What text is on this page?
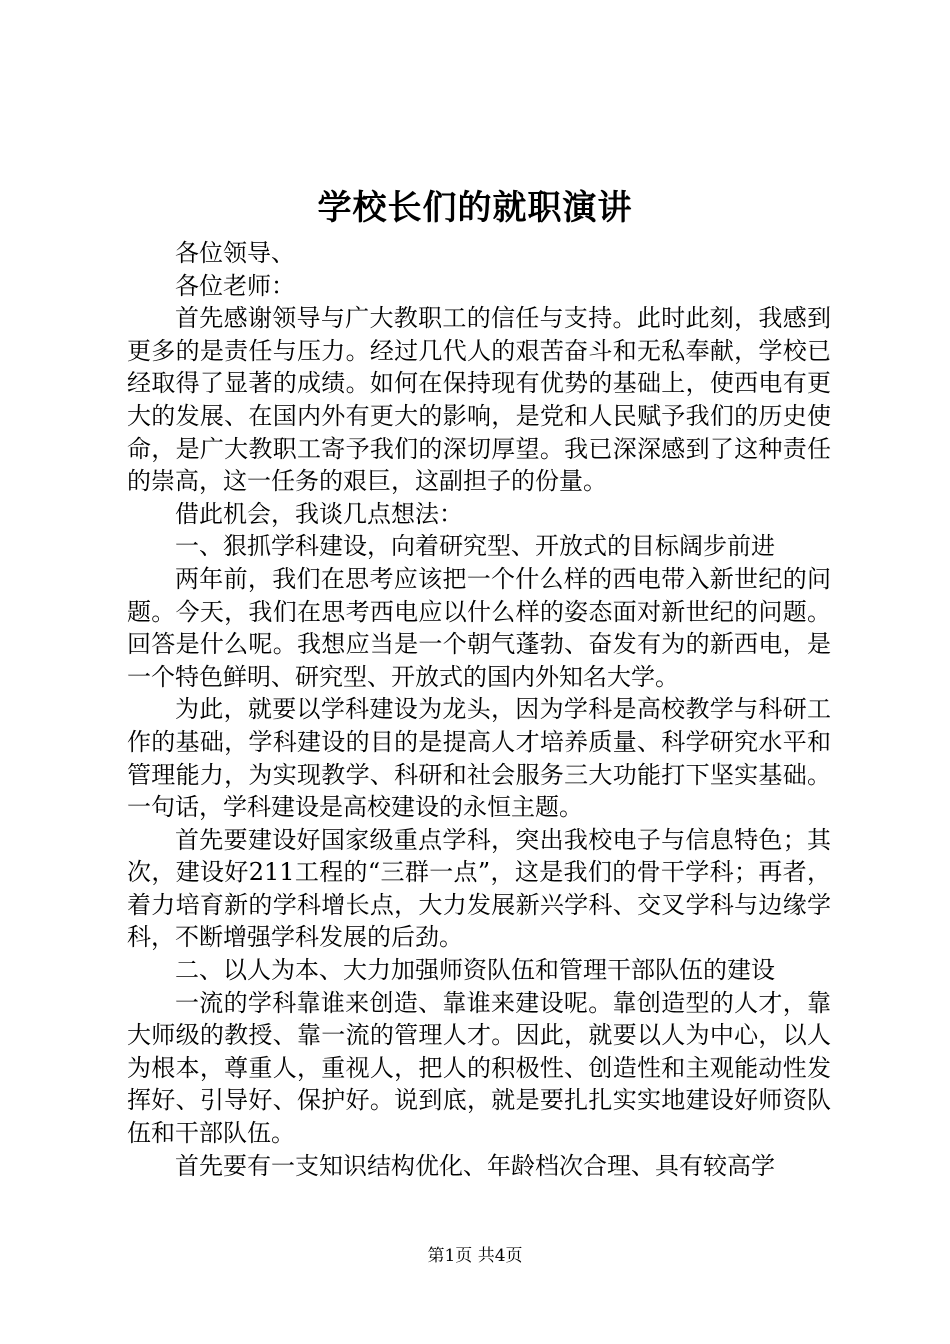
学校长们的就职演讲

各位领导、

各位老师：

首先感谢领导与广大教职工的信任与支持。此时此刻，我感到更多的是责任与压力。经过几代人的艰苦奋斗和无私奉献，学校已经取得了显著的成绩。如何在保持现有优势的基础上，使西电有更大的发展、在国内外有更大的影响，是党和人民赋予我们的历史使命，是广大教职工寄予我们的深切厚望。我已深深感到了这种责任的崇高，这一任务的艰巨，这副担子的份量。

借此机会，我谈几点想法：

一、狠抓学科建设，向着研究型、开放式的目标阔步前进

两年前，我们在思考应该把一个什么样的西电带入新世纪的问题。今天，我们在思考西电应以什么样的姿态面对新世纪的问题。回答是什么呢。我想应当是一个朝气蓬勃、奋发有为的新西电，是一个特色鲜明、研究型、开放式的国内外知名大学。

为此，就要以学科建设为龙头，因为学科是高校教学与科研工作的基础，学科建设的目的是提高人才培养质量、科学研究水平和管理能力，为实现教学、科研和社会服务三大功能打下坚实基础。一句话，学科建设是高校建设的永恒主题。

首先要建设好国家级重点学科，突出我校电子与信息特色；其次，建设好211工程的“三群一点”，这是我们的骨干学科；再者，着力培育新的学科增长点，大力发展新兴学科、交叉学科与边缘学科，不断增强学科发展的后劲。

二、以人为本、大力加强师资队伍和管理干部队伍的建设

一流的学科靠谁来创造、靠谁来建设呢。靠创造型的人才，靠大师级的教授、靠一流的管理人才。因此，就要以人为中心，以人为根本，尊重人，重视人，把人的积极性、创造性和主观能动性发挥好、引导好、保护好。说到底，就是要扎扎实实地建设好师资队伍和干部队伍。

首先要有一支知识结构优化、年龄档次合理、具有较高学

第1页 共4页
